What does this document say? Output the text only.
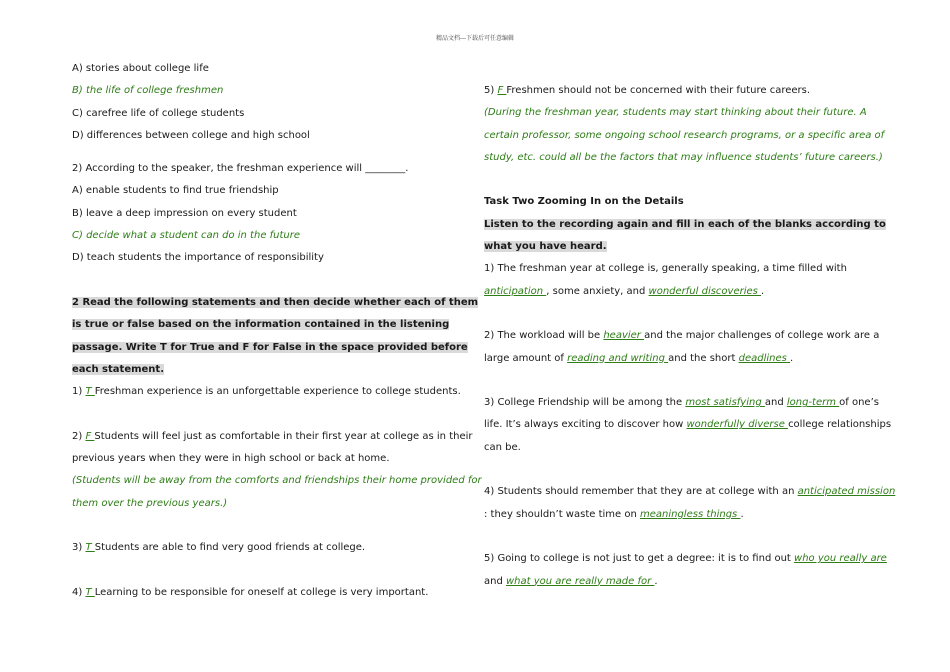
精品文档---下载后可任意编辑

A) stories about college life

B) the life of college freshmen

C) carefree life of college students

D) differences between college and high school

2) According to the speaker, the freshman experience will ________.

A) enable students to find true friendship

B) leave a deep impression on every student

C) decide what a student can do in the future

D) teach students the importance of responsibility

2 Read the following statements and then decide whether each of them

is true or false based on the information contained in the listening

passage. Write T for True and F for False in the space provided before

each statement.

1) T Freshman experience is an unforgettable experience to college students.

2) F Students will feel just as comfortable in their first year at college as in their

previous years when they were in high school or back at home.

(Students will be away from the comforts and friendships their home provided for

them over the previous years.)

3) T Students are able to find very good friends at college.

4) T Learning to be responsible for oneself at college is very important.

5) F Freshmen should not be concerned with their future careers.

(During the freshman year, students may start thinking about their future. A

certain professor, some ongoing school research programs, or a specific area of

study, etc. could all be the factors that may influence students’ future careers.)

Task Two Zooming In on the Details

Listen to the recording again and fill in each of the blanks according to

what you have heard.

1) The freshman year at college is, generally speaking, a time filled with

anticipation , some anxiety, and wonderful discoveries .

2) The workload will be heavier and the major challenges of college work are a

large amount of reading and writing and the short deadlines .

3) College Friendship will be among the most satisfying and long-term of one’s

life. It’s always exciting to discover how wonderfully diverse college relationships

can be.

4) Students should remember that they are at college with an anticipated mission

: they shouldn’t waste time on meaningless things .

5) Going to college is not just to get a degree: it is to find out who you really are

and what you are really made for .
